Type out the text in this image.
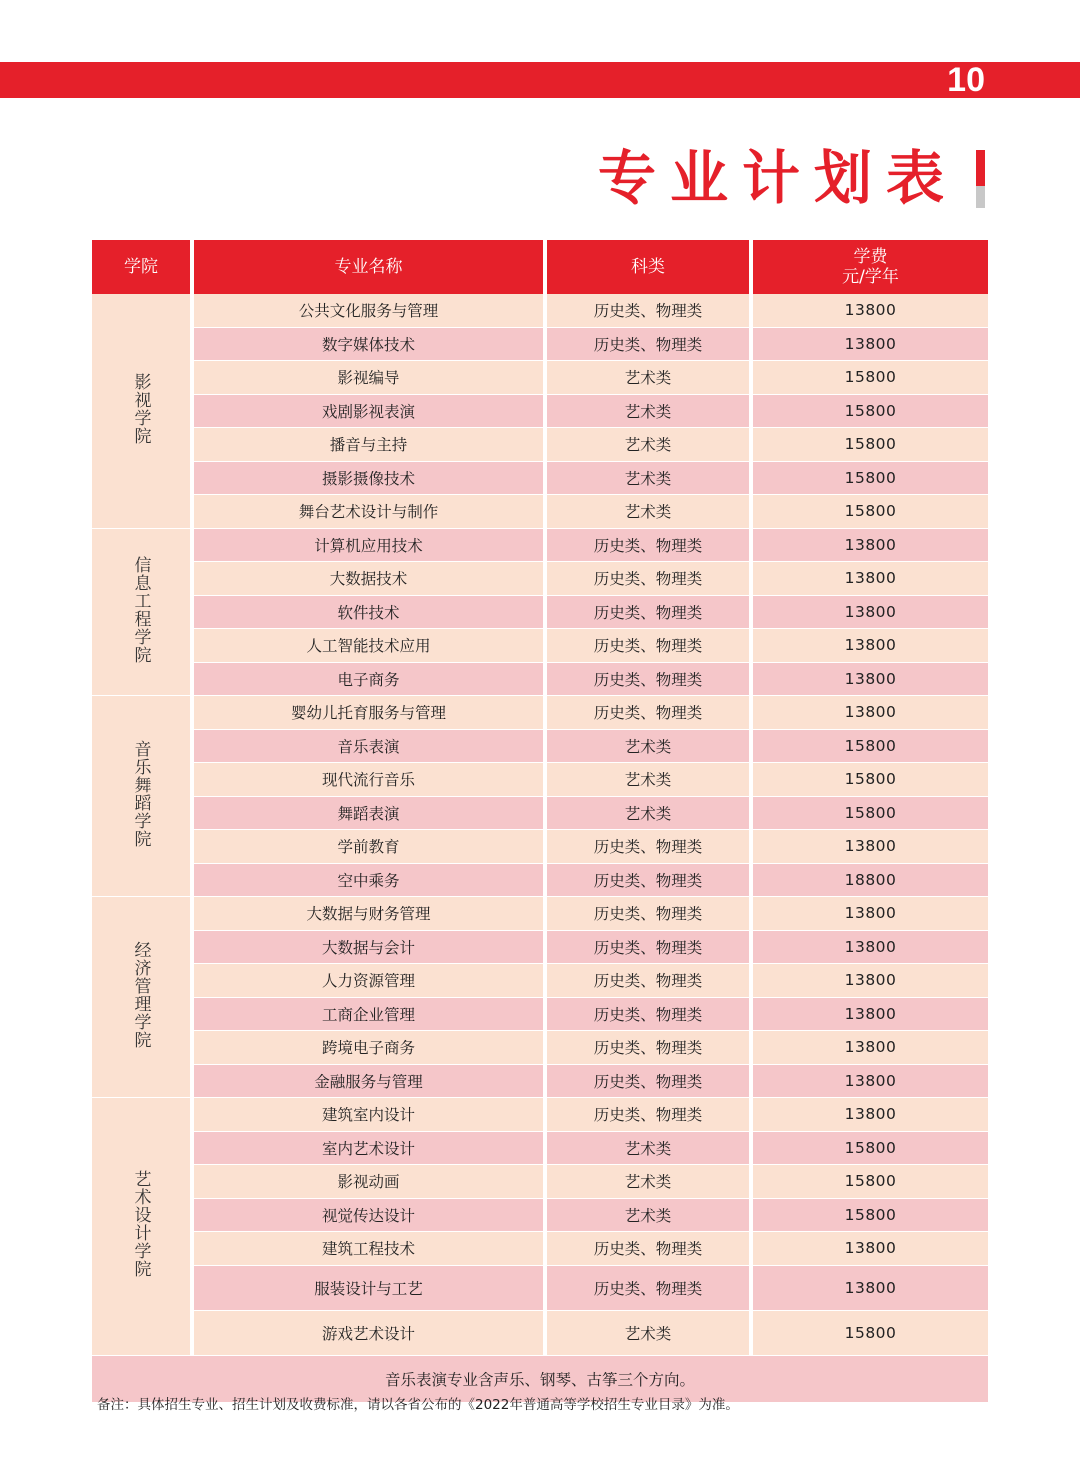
10
专业计划表
学院	专业名称	科类	学费
元/学年

影视学院	公共文化服务与管理	历史类、物理类	13800
	数字媒体技术	历史类、物理类	13800
	影视编导	艺术类	15800
	戏剧影视表演	艺术类	15800
	播音与主持	艺术类	15800
	摄影摄像技术	艺术类	15800
	舞台艺术设计与制作	艺术类	15800
信息工程学院	计算机应用技术	历史类、物理类	13800
	大数据技术	历史类、物理类	13800
	软件技术	历史类、物理类	13800
	人工智能技术应用	历史类、物理类	13800
	电子商务	历史类、物理类	13800
音乐舞蹈学院	婴幼儿托育服务与管理	历史类、物理类	13800
	音乐表演	艺术类	15800
	现代流行音乐	艺术类	15800
	舞蹈表演	艺术类	15800
	学前教育	历史类、物理类	13800
	空中乘务	历史类、物理类	18800
经济管理学院	大数据与财务管理	历史类、物理类	13800
	大数据与会计	历史类、物理类	13800
	人力资源管理	历史类、物理类	13800
	工商企业管理	历史类、物理类	13800
	跨境电子商务	历史类、物理类	13800
	金融服务与管理	历史类、物理类	13800
艺术设计学院	建筑室内设计	历史类、物理类	13800
	室内艺术设计	艺术类	15800
	影视动画	艺术类	15800
	视觉传达设计	艺术类	15800
	建筑工程技术	历史类、物理类	13800
	服装设计与工艺	历史类、物理类	13800
	游戏艺术设计	艺术类	15800
音乐表演专业含声乐、钢琴、古筝三个方向。			
备注：具体招生专业、招生计划及收费标准，请以各省公布的《2022年普通高等学校招生专业目录》为准。
